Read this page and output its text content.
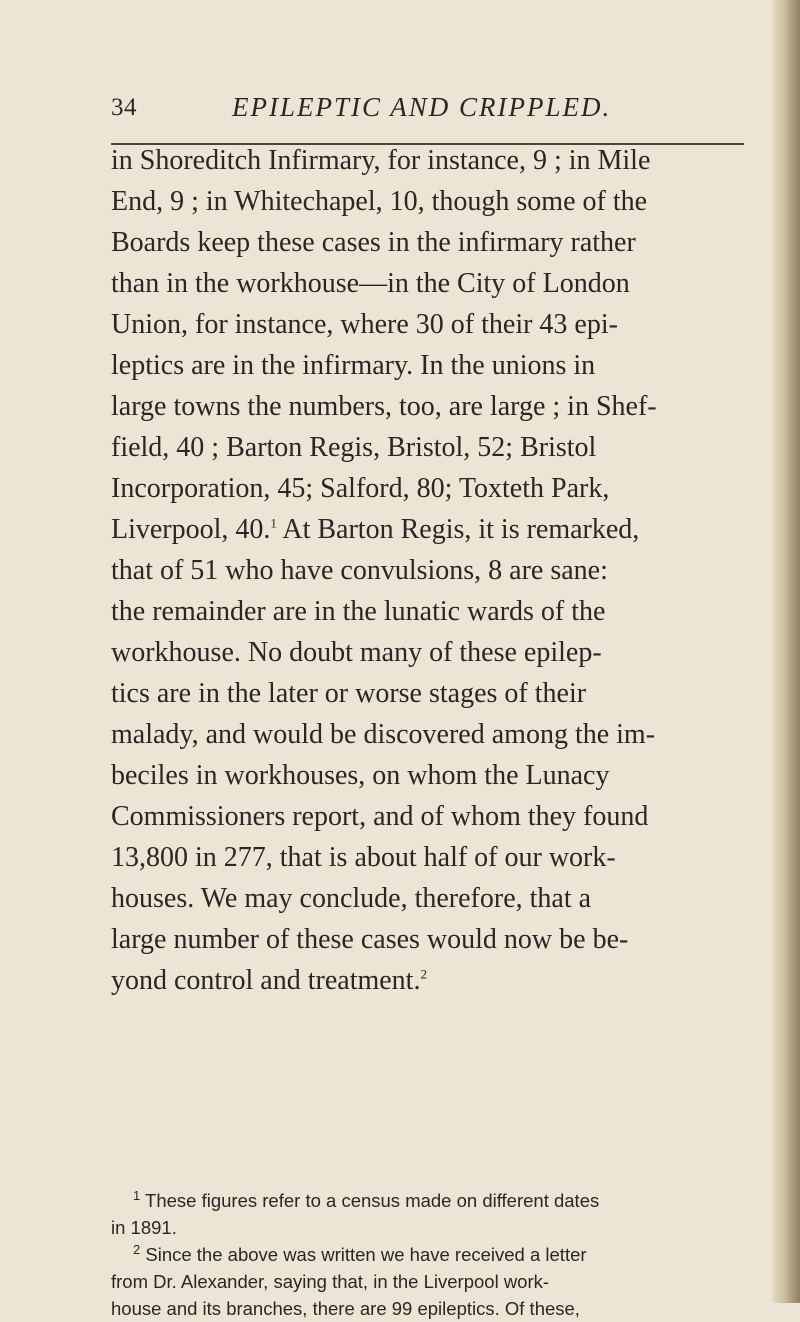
34	EPILEPTIC AND CRIPPLED.
in Shoreditch Infirmary, for instance, 9 ; in Mile
End, 9 ; in Whitechapel, 10, though some of the
Boards keep these cases in the infirmary rather
than in the workhouse—in the City of London
Union, for instance, where 30 of their 43 epi-
leptics are in the infirmary. In the unions in
large towns the numbers, too, are large ; in Shef-
field, 40 ; Barton Regis, Bristol, 52; Bristol
Incorporation, 45; Salford, 80; Toxteth Park,
Liverpool, 40.$^1$ At Barton Regis, it is remarked,
that of 51 who have convulsions, 8 are sane:
the remainder are in the lunatic wards of the
workhouse. No doubt many of these epilep-
tics are in the later or worse stages of their
malady, and would be discovered among the im-
beciles in workhouses, on whom the Lunacy
Commissioners report, and of whom they found
13,800 in 277, that is about half of our work-
houses. We may conclude, therefore, that a
large number of these cases would now be be-
yond control and treatment.$^2$
$^1$ These figures refer to a census made on different dates
in 1891.
$^2$ Since the above was written we have received a letter
from Dr. Alexander, saying that, in the Liverpool work-
house and its branches, there are 99 epileptics. Of these,
